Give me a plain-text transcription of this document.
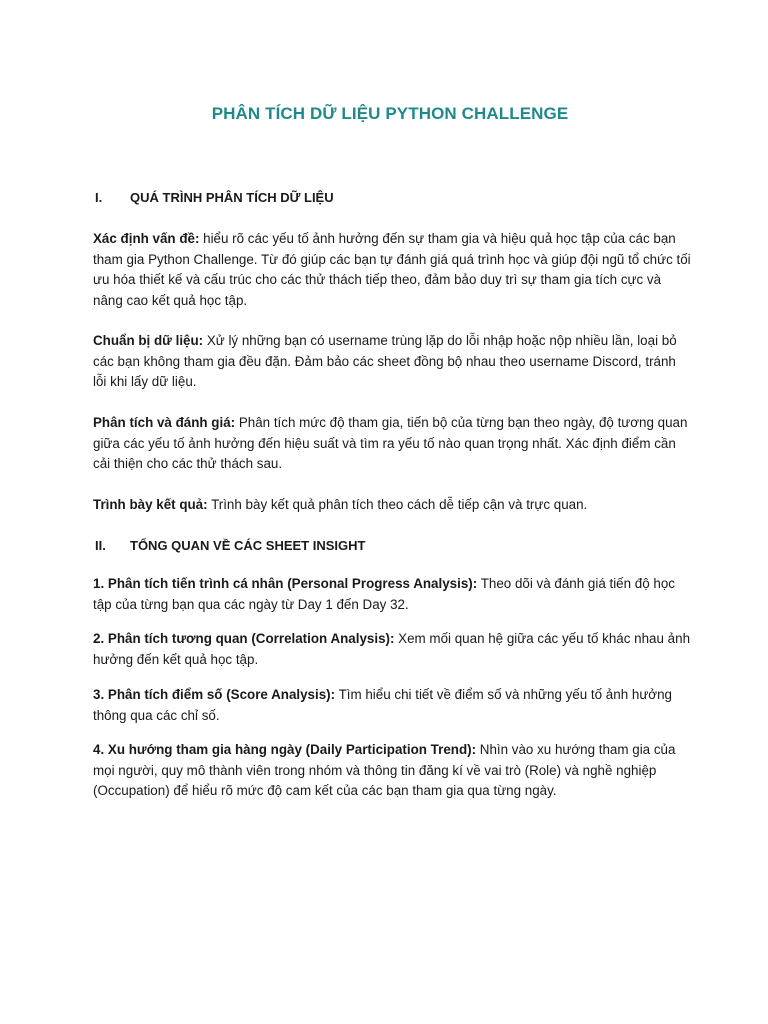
PHÂN TÍCH DỮ LIỆU PYTHON CHALLENGE
I.	QUÁ TRÌNH PHÂN TÍCH DỮ LIỆU
Xác định vấn đề: hiểu rõ các yếu tố ảnh hưởng đến sự tham gia và hiệu quả học tập của các bạn tham gia Python Challenge. Từ đó giúp các bạn tự đánh giá quá trình học và giúp đội ngũ tổ chức tối ưu hóa thiết kế và cấu trúc cho các thử thách tiếp theo, đảm bảo duy trì sự tham gia tích cực và nâng cao kết quả học tập.
Chuẩn bị dữ liệu: Xử lý những bạn có username trùng lặp do lỗi nhập hoặc nộp nhiều lần, loại bỏ các bạn không tham gia đều đặn. Đảm bảo các sheet đồng bộ nhau theo username Discord, tránh lỗi khi lấy dữ liệu.
Phân tích và đánh giá: Phân tích mức độ tham gia, tiến bộ của từng bạn theo ngày, độ tương quan giữa các yếu tố ảnh hưởng đến hiệu suất và tìm ra yếu tố nào quan trọng nhất. Xác định điểm cần cải thiện cho các thử thách sau.
Trình bày kết quả: Trình bày kết quả phân tích theo cách dễ tiếp cận và trực quan.
II.	TỔNG QUAN VỀ CÁC SHEET INSIGHT
1. Phân tích tiến trình cá nhân (Personal Progress Analysis): Theo dõi và đánh giá tiến độ học tập của từng bạn qua các ngày từ Day 1 đến Day 32.
2. Phân tích tương quan (Correlation Analysis): Xem mối quan hệ giữa các yếu tố khác nhau ảnh hưởng đến kết quả học tập.
3. Phân tích điểm số (Score Analysis): Tìm hiểu chi tiết về điểm số và những yếu tố ảnh hưởng thông qua các chỉ số.
4. Xu hướng tham gia hàng ngày (Daily Participation Trend): Nhìn vào xu hướng tham gia của mọi người, quy mô thành viên trong nhóm và thông tin đăng kí về vai trò (Role) và nghề nghiệp (Occupation) để hiểu rõ mức độ cam kết của các bạn tham gia qua từng ngày.
